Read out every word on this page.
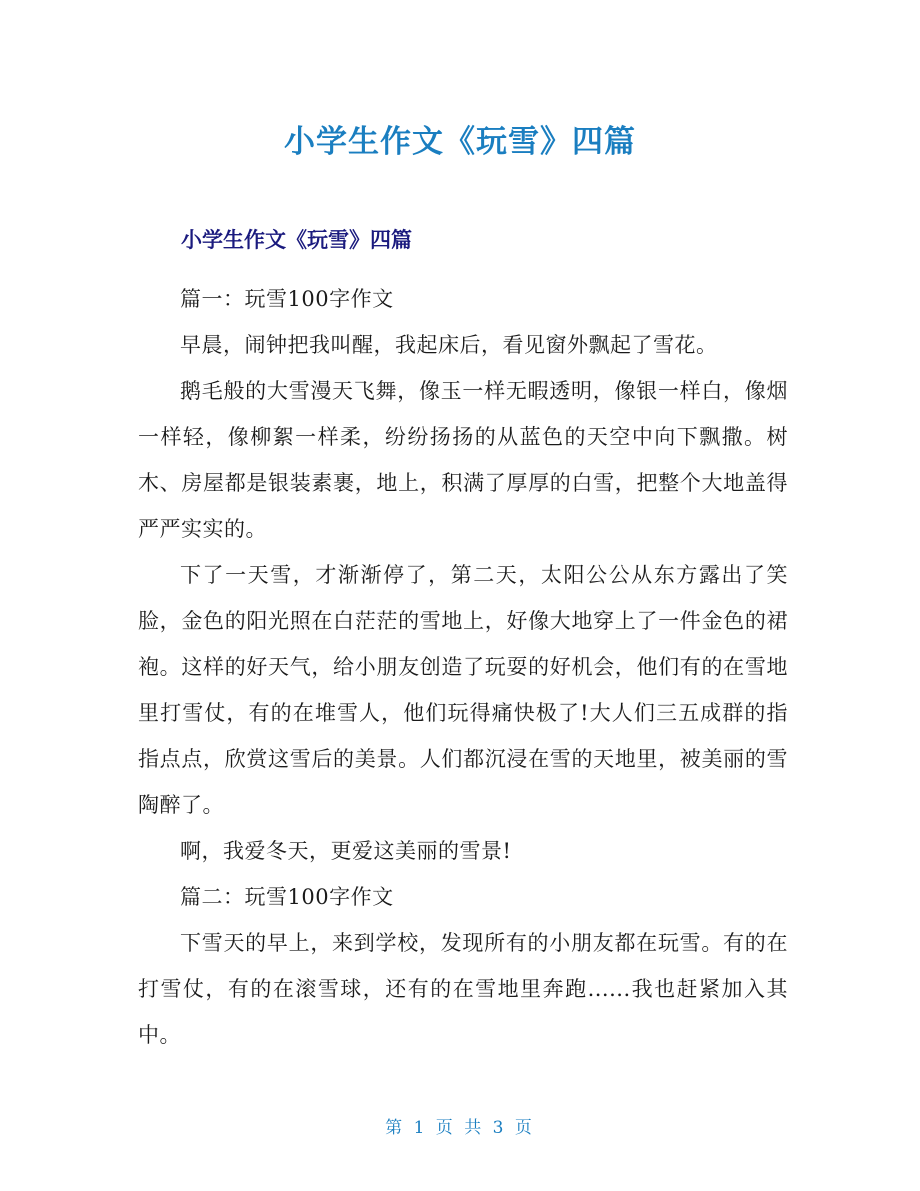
小学生作文《玩雪》四篇
小学生作文《玩雪》四篇

篇一：玩雪100字作文

早晨，闹钟把我叫醒，我起床后，看见窗外飘起了雪花。

鹅毛般的大雪漫天飞舞，像玉一样无暇透明，像银一样白，像烟一样轻，像柳絮一样柔，纷纷扬扬的从蓝色的天空中向下飘撒。树木、房屋都是银装素裹，地上，积满了厚厚的白雪，把整个大地盖得严严实实的。

下了一天雪，才渐渐停了，第二天，太阳公公从东方露出了笑脸，金色的阳光照在白茫茫的雪地上，好像大地穿上了一件金色的裙袍。这样的好天气，给小朋友创造了玩耍的好机会，他们有的在雪地里打雪仗，有的在堆雪人，他们玩得痛快极了!大人们三五成群的指指点点，欣赏这雪后的美景。人们都沉浸在雪的天地里，被美丽的雪陶醉了。

啊，我爱冬天，更爱这美丽的雪景!

篇二：玩雪100字作文

下雪天的早上，来到学校，发现所有的小朋友都在玩雪。有的在打雪仗，有的在滚雪球，还有的在雪地里奔跑......我也赶紧加入其中。

第 1 页 共 3 页
